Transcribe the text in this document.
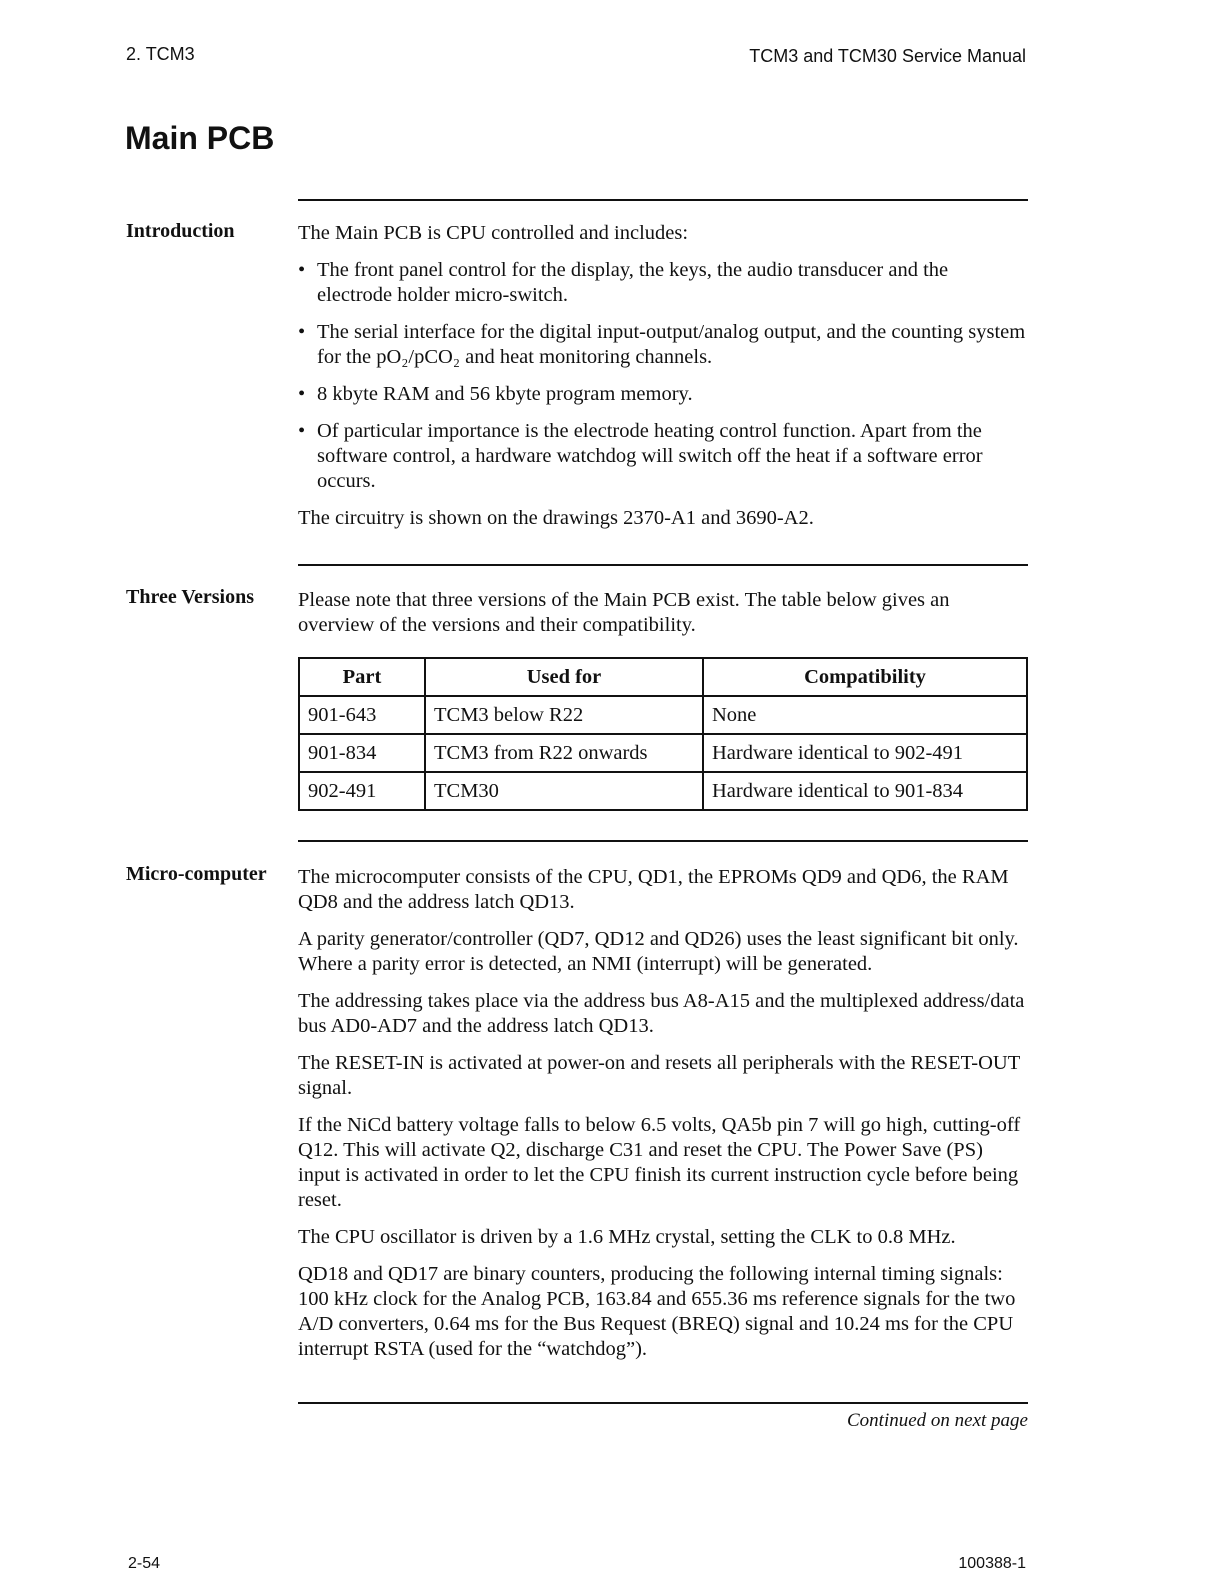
2. TCM3	TCM3 and TCM30 Service Manual
Main PCB
Introduction	The Main PCB is CPU controlled and includes:

• The front panel control for the display, the keys, the audio transducer and the electrode holder micro-switch.
• The serial interface for the digital input-output/analog output, and the counting system for the pO₂/pCO₂ and heat monitoring channels.
• 8 kbyte RAM and 56 kbyte program memory.
• Of particular importance is the electrode heating control function. Apart from the software control, a hardware watchdog will switch off the heat if a software error occurs.

The circuitry is shown on the drawings 2370-A1 and 3690-A2.

Three Versions Please note that three versions of the Main PCB exist. The table below gives an overview of the versions and their compatibility.

Part	Used for	Compatibility
901-643	TCM3 below R22	None
901-834	TCM3 from R22 onwards	Hardware identical to 902-491
902-491	TCM30	Hardware identical to 901-834
Micro-computer The microcomputer consists of the CPU, QD1, the EPROMs QD9 and QD6, the RAM QD8 and the address latch QD13.

A parity generator/controller (QD7, QD12 and QD26) uses the least significant bit only. Where a parity error is detected, an NMI (interrupt) will be generated.

The addressing takes place via the address bus A8-A15 and the multiplexed address/data bus AD0-AD7 and the address latch QD13.

The RESET-IN is activated at power-on and resets all peripherals with the RESET-OUT signal.

If the NiCd battery voltage falls to below 6.5 volts, QA5b pin 7 will go high, cutting-off Q12. This will activate Q2, discharge C31 and reset the CPU. The Power Save (PS) input is activated in order to let the CPU finish its current instruction cycle before being reset.

The CPU oscillator is driven by a 1.6 MHz crystal, setting the CLK to 0.8 MHz.

QD18 and QD17 are binary counters, producing the following internal timing signals: 100 kHz clock for the Analog PCB, 163.84 and 655.36 ms reference signals for the two A/D converters, 0.64 ms for the Bus Request (BREQ) signal and 10.24 ms for the CPU interrupt RSTA (used for the “watchdog”).

Continued on next page
2-54	100388-1
